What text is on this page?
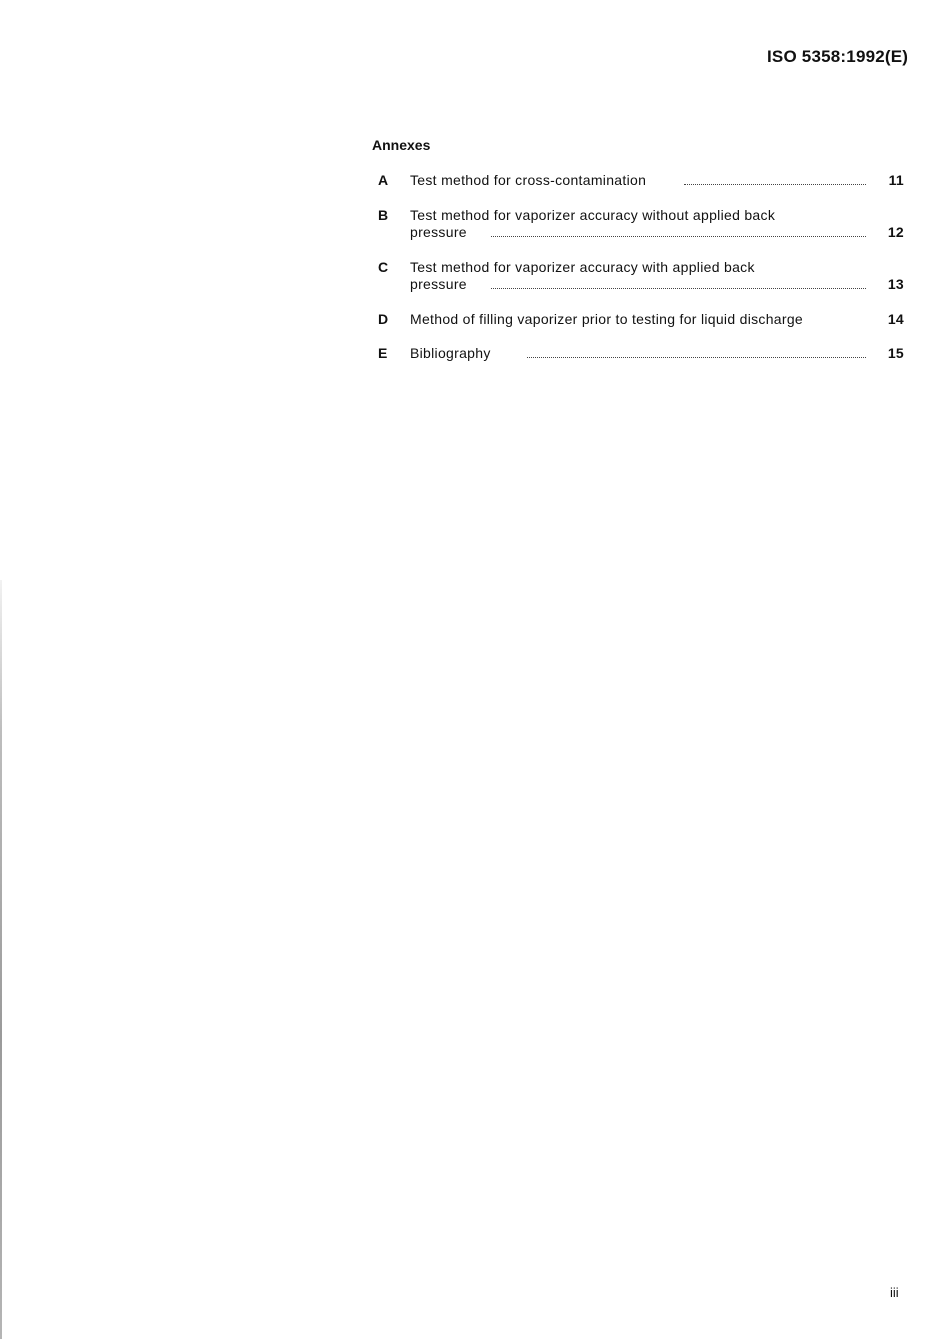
ISO 5358:1992(E)
Annexes
A Test method for cross-contamination	11
B Test method for vaporizer accuracy without applied back
pressure	12
C Test method for vaporizer accuracy with applied back
pressure	13
D Method of filling vaporizer prior to testing for liquid discharge	14
E Bibliography	15
iii
